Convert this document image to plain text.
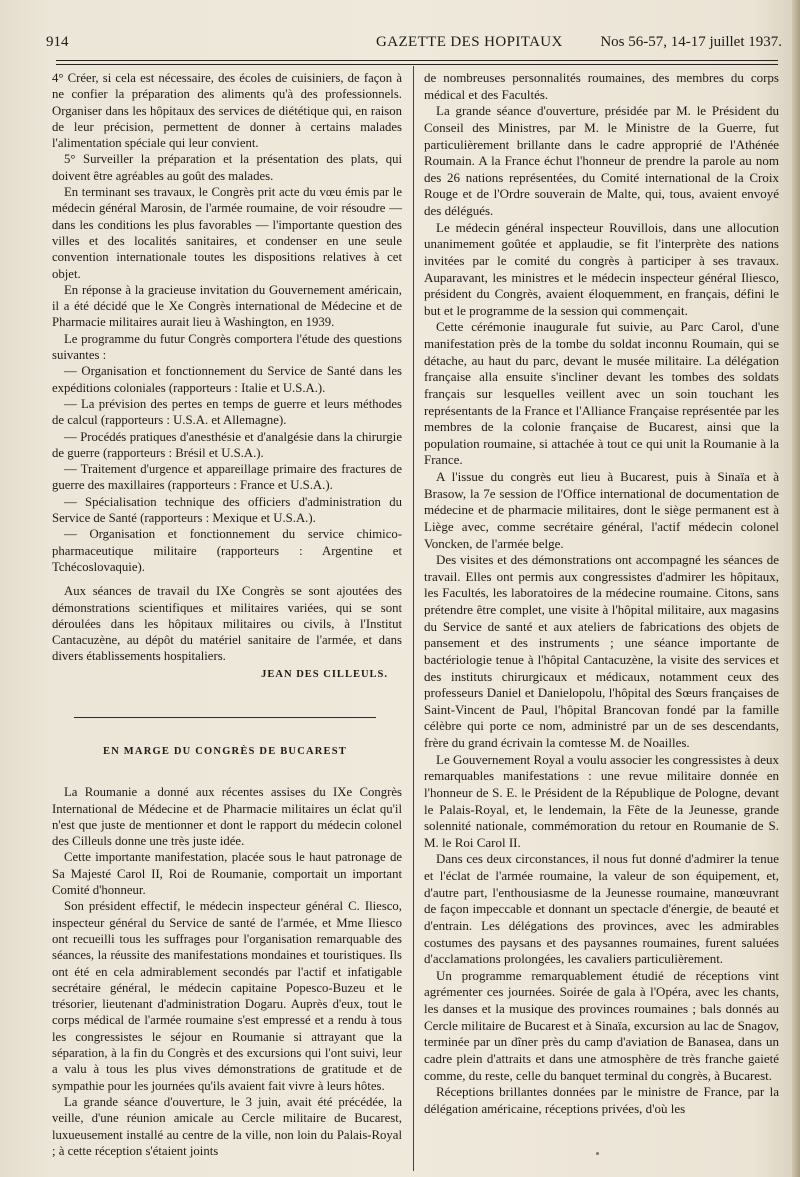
914	GAZETTE DES HOPITAUX	Nos 56-57, 14-17 juillet 1937.

4° Créer, si cela est nécessaire, des écoles de cuisiniers, de façon à ne confier la préparation des aliments qu'à des professionnels. Organiser dans les hôpitaux des services de diététique qui, en raison de leur précision, permettent de donner à certains malades l'alimentation spéciale qui leur convient.

5° Surveiller la préparation et la présentation des plats, qui doivent être agréables au goût des malades.

En terminant ses travaux, le Congrès prit acte du vœu émis par le médecin général Marosin, de l'armée roumaine, de voir résoudre — dans les conditions les plus favorables — l'importante question des villes et des localités sanitaires, et condenser en une seule convention internationale toutes les dispositions relatives à cet objet.

En réponse à la gracieuse invitation du Gouvernement américain, il a été décidé que le Xe Congrès international de Médecine et de Pharmacie militaires aurait lieu à Washington, en 1939.

Le programme du futur Congrès comportera l'étude des questions suivantes :

— Organisation et fonctionnement du Service de Santé dans les expéditions coloniales (rapporteurs : Italie et U.S.A.).

— La prévision des pertes en temps de guerre et leurs méthodes de calcul (rapporteurs : U.S.A. et Allemagne).

— Procédés pratiques d'anesthésie et d'analgésie dans la chirurgie de guerre (rapporteurs : Brésil et U.S.A.).

— Traitement d'urgence et appareillage primaire des fractures de guerre des maxillaires (rapporteurs : France et U.S.A.).

— Spécialisation technique des officiers d'administration du Service de Santé (rapporteurs : Mexique et U.S.A.).

— Organisation et fonctionnement du service chimico-pharmaceutique militaire (rapporteurs : Argentine et Tchécoslovaquie).

Aux séances de travail du IXe Congrès se sont ajoutées des démonstrations scientifiques et militaires variées, qui se sont déroulées dans les hôpitaux militaires ou civils, à l'Institut Cantacuzène, au dépôt du matériel sanitaire de l'armée, et dans divers établissements hospitaliers.

JEAN DES CILLEULS.
EN MARGE DU CONGRÈS DE BUCAREST

La Roumanie a donné aux récentes assises du IXe Congrès International de Médecine et de Pharmacie militaires un éclat qu'il n'est que juste de mentionner et dont le rapport du médecin colonel des Cilleuls donne une très juste idée.

Cette importante manifestation, placée sous le haut patronage de Sa Majesté Carol II, Roi de Roumanie, comportait un important Comité d'honneur.

Son président effectif, le médecin inspecteur général C. Iliesco, inspecteur général du Service de santé de l'armée, et Mme Iliesco ont recueilli tous les suffrages pour l'organisation remarquable des séances, la réussite des manifestations mondaines et touristiques. Ils ont été en cela admirablement secondés par l'actif et infatigable secrétaire général, le médecin capitaine Popesco-Buzeu et le trésorier, lieutenant d'administration Dogaru. Auprès d'eux, tout le corps médical de l'armée roumaine s'est empressé et a rendu à tous les congressistes le séjour en Roumanie si attrayant que la séparation, à la fin du Congrès et des excursions qui l'ont suivi, leur a valu à tous les plus vives démonstrations de gratitude et de sympathie pour les journées qu'ils avaient fait vivre à leurs hôtes.

La grande séance d'ouverture, le 3 juin, avait été précédée, la veille, d'une réunion amicale au Cercle militaire de Bucarest, luxueusement installé au centre de la ville, non loin du Palais-Royal ; à cette réception s'étaient joints

de nombreuses personnalités roumaines, des membres du corps médical et des Facultés.

La grande séance d'ouverture, présidée par M. le Président du Conseil des Ministres, par M. le Ministre de la Guerre, fut particulièrement brillante dans le cadre approprié de l'Athénée Roumain. A la France échut l'honneur de prendre la parole au nom des 26 nations représentées, du Comité international de la Croix Rouge et de l'Ordre souverain de Malte, qui, tous, avaient envoyé des délégués.

Le médecin général inspecteur Rouvillois, dans une allocution unanimement goûtée et applaudie, se fit l'interprète des nations invitées par le comité du congrès à participer à ses travaux. Auparavant, les ministres et le médecin inspecteur général Iliesco, président du Congrès, avaient éloquemment, en français, défini le but et le programme de la session qui commençait.

Cette cérémonie inaugurale fut suivie, au Parc Carol, d'une manifestation près de la tombe du soldat inconnu Roumain, qui se détache, au haut du parc, devant le musée militaire. La délégation française alla ensuite s'incliner devant les tombes des soldats français sur lesquelles veillent avec un soin touchant les représentants de la France et l'Alliance Française représentée par les membres de la colonie française de Bucarest, ainsi que la population roumaine, si attachée à tout ce qui unit la Roumanie à la France.

A l'issue du congrès eut lieu à Bucarest, puis à Sinaïa et à Brasow, la 7e session de l'Office international de documentation de médecine et de pharmacie militaires, dont le siège permanent est à Liège avec, comme secrétaire général, l'actif médecin colonel Voncken, de l'armée belge.

Des visites et des démonstrations ont accompagné les séances de travail. Elles ont permis aux congressistes d'admirer les hôpitaux, les Facultés, les laboratoires de la médecine roumaine. Citons, sans prétendre être complet, une visite à l'hôpital militaire, aux magasins du Service de santé et aux ateliers de fabrications des objets de pansement et des instruments ; une séance importante de bactériologie tenue à l'hôpital Cantacuzène, la visite des services et des instituts chirurgicaux et médicaux, notamment ceux des professeurs Daniel et Danielopolu, l'hôpital des Sœurs françaises de Saint-Vincent de Paul, l'hôpital Brancovan fondé par la famille célèbre qui porte ce nom, administré par un de ses descendants, frère du grand écrivain la comtesse M. de Noailles.

Le Gouvernement Royal a voulu associer les congressistes à deux remarquables manifestations : une revue militaire donnée en l'honneur de S. E. le Président de la République de Pologne, devant le Palais-Royal, et, le lendemain, la Fête de la Jeunesse, grande solennité nationale, commémoration du retour en Roumanie de S. M. le Roi Carol II.

Dans ces deux circonstances, il nous fut donné d'admirer la tenue et l'éclat de l'armée roumaine, la valeur de son équipement, et, d'autre part, l'enthousiasme de la Jeunesse roumaine, manœuvrant de façon impeccable et donnant un spectacle d'énergie, de beauté et d'entrain. Les délégations des provinces, avec les admirables costumes des paysans et des paysannes roumaines, furent saluées d'acclamations prolongées, les cavaliers particulièrement.

Un programme remarquablement étudié de réceptions vint agrémenter ces journées. Soirée de gala à l'Opéra, avec les chants, les danses et la musique des provinces roumaines ; bals donnés au Cercle militaire de Bucarest et à Sinaïa, excursion au lac de Snagov, terminée par un dîner près du camp d'aviation de Banasea, dans un cadre plein d'attraits et dans une atmosphère de très franche gaieté comme, du reste, celle du banquet terminal du congrès, à Bucarest.

Réceptions brillantes données par le ministre de France, par la délégation américaine, réceptions privées, d'où les
